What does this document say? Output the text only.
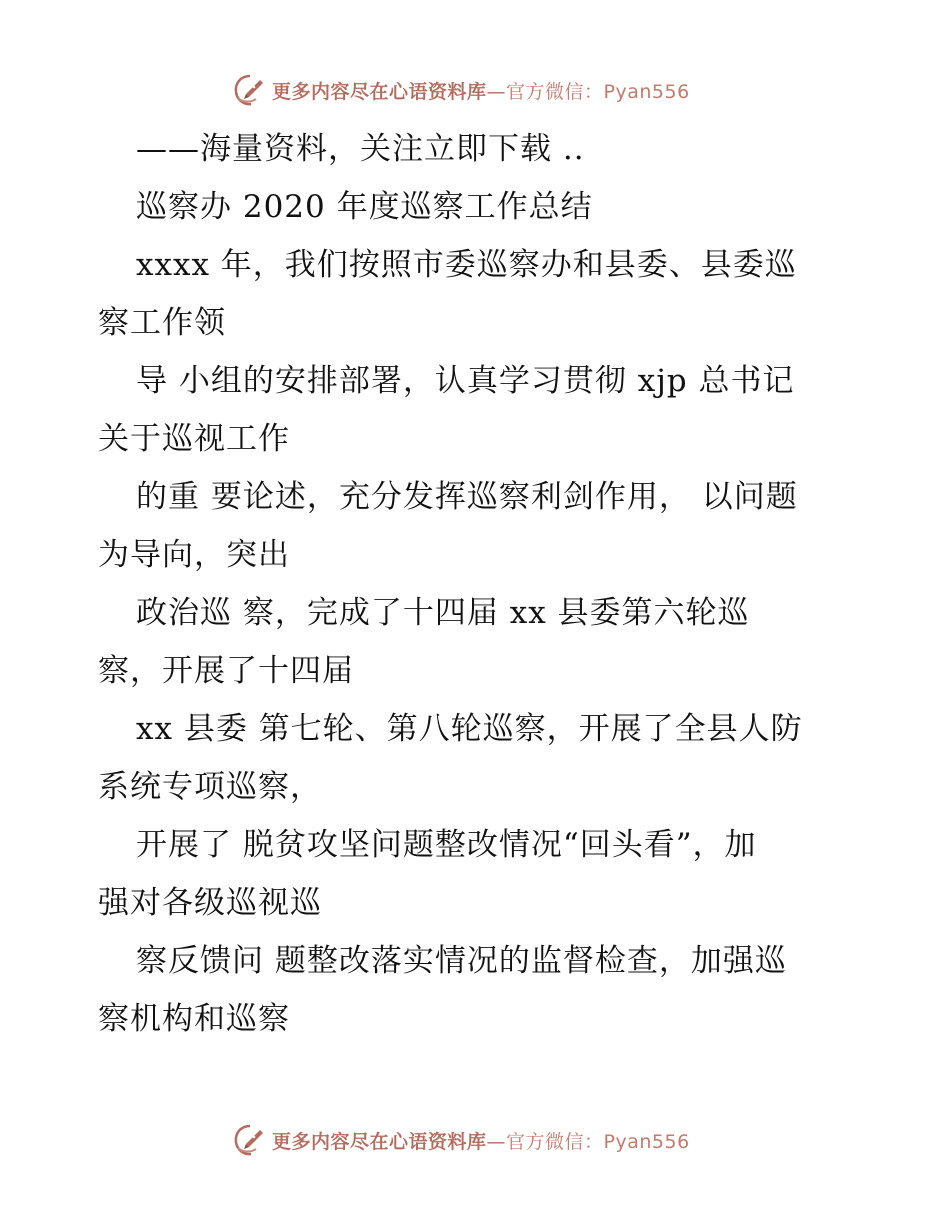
更多内容尽在心语资料库—官方微信：Pyan556
——海量资料，关注立即下载 ..
巡察办 2020 年度巡察工作总结
xxxx 年，我们按照市委巡察办和县委、县委巡
察工作领
导 小组的安排部署，认真学习贯彻 xjp 总书记
关于巡视工作
的重 要论述，充分发挥巡察利剑作用， 以问题
为导向，突出
政治巡 察，完成了十四届 xx 县委第六轮巡
察，开展了十四届
xx 县委 第七轮、第八轮巡察，开展了全县人防
系统专项巡察，
开展了 脱贫攻坚问题整改情况“回头看”，加
强对各级巡视巡
察反馈问 题整改落实情况的监督检查，加强巡
察机构和巡察
更多内容尽在心语资料库—官方微信：Pyan556
